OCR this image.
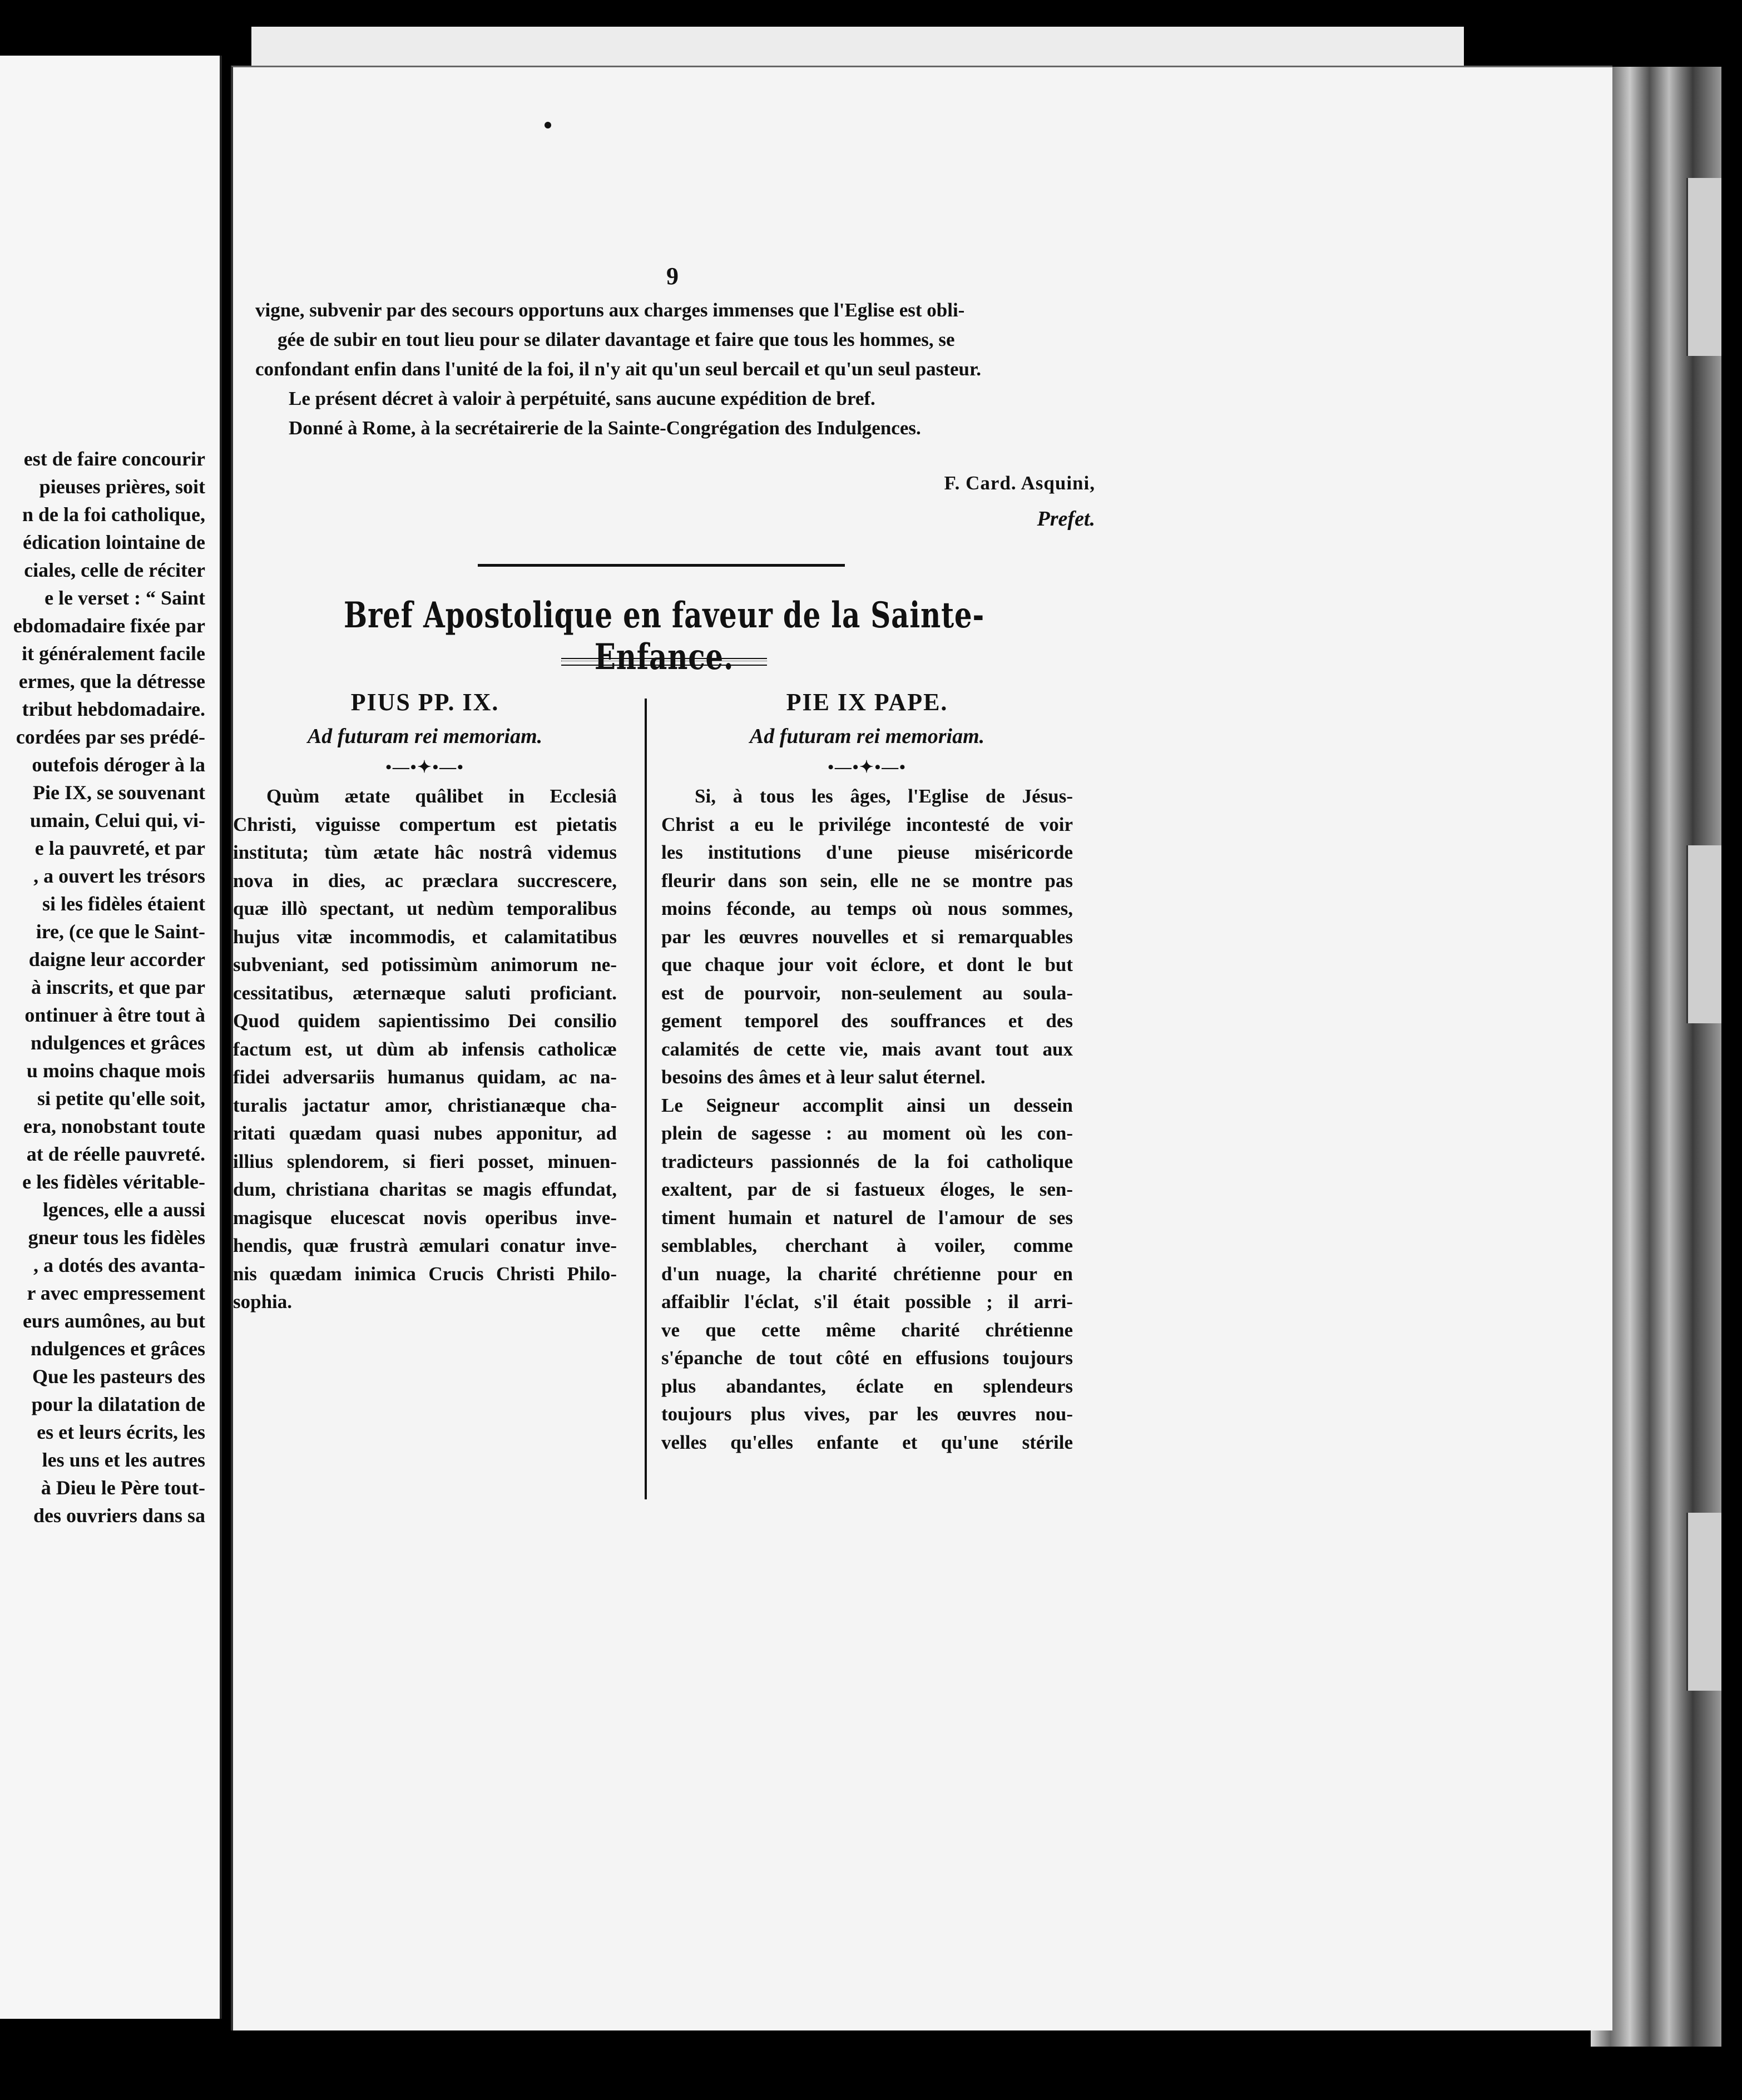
est de faire concourir
pieuses prières, soit
n de la foi catholique,
édication lointaine de
ciales, celle de réciter
e le verset : “ Saint
ebdomadaire fixée par
it généralement facile
ermes, que la détresse
tribut hebdomadaire.
cordées par ses prédé-
outefois déroger à la
Pie IX, se souvenant
umain, Celui qui, vi-
e la pauvreté, et par
, a ouvert les trésors
si les fidèles étaient
ire, (ce que le Saint-
daigne leur accorder
à inscrits, et que par
ontinuer à être tout à
ndulgences et grâces
u moins chaque mois
si petite qu'elle soit,
era, nonobstant toute
at de réelle pauvreté.
e les fidèles véritable-
lgences, elle a aussi
gneur tous les fidèles
, a dotés des avanta-
r avec empressement
eurs aumônes, au but
ndulgences et grâces
Que les pasteurs des
pour la dilatation de
es et leurs écrits, les
les uns et les autres
à Dieu le Père tout-
des ouvriers dans sa
9
vigne, subvenir par des secours opportuns aux charges immenses que l'Eglise est obli-
gée de subir en tout lieu pour se dilater davantage et faire que tous les hommes, se
confondant enfin dans l'unité de la foi, il n'y ait qu'un seul bercail et qu'un seul pasteur.
Le présent décret à valoir à perpétuité, sans aucune expédition de bref.
Donné à Rome, à la secrétairerie de la Sainte-Congrégation des Indulgences.
F. Card. Asquini,
Prefet.
Bref Apostolique en faveur de la Sainte-Enfance.
PIUS PP. IX.
Ad futuram rei memoriam.
•—•✦•—•
Quùm ætate quâlibet in Ecclesiâ
Christi, viguisse compertum est pietatis
instituta; tùm ætate hâc nostrâ videmus
nova in dies, ac præclara succrescere,
quæ illò spectant, ut nedùm temporalibus
hujus vitæ incommodis, et calamitatibus
subveniant, sed potissimùm animorum ne-
cessitatibus, æternæque saluti proficiant.
Quod quidem sapientissimo Dei consilio
factum est, ut dùm ab infensis catholicæ
fidei adversariis humanus quidam, ac na-
turalis jactatur amor, christianæque cha-
ritati quædam quasi nubes apponitur, ad
illius splendorem, si fieri posset, minuen-
dum, christiana charitas se magis effundat,
magisque elucescat novis operibus inve-
hendis, quæ frustrà æmulari conatur inve-
nis quædam inimica Crucis Christi Philo-
sophia.
PIE IX PAPE.
Ad futuram rei memoriam.
•—•✦•—•
Si, à tous les âges, l'Eglise de Jésus-
Christ a eu le privilége incontesté de voir
les institutions d'une pieuse miséricorde
fleurir dans son sein, elle ne se montre pas
moins féconde, au temps où nous sommes,
par les œuvres nouvelles et si remarquables
que chaque jour voit éclore, et dont le but
est de pourvoir, non-seulement au soula-
gement temporel des souffrances et des
calamités de cette vie, mais avant tout aux
besoins des âmes et à leur salut éternel.
Le Seigneur accomplit ainsi un dessein
plein de sagesse : au moment où les con-
tradicteurs passionnés de la foi catholique
exaltent, par de si fastueux éloges, le sen-
timent humain et naturel de l'amour de ses
semblables, cherchant à voiler, comme
d'un nuage, la charité chrétienne pour en
affaiblir l'éclat, s'il était possible ; il arri-
ve que cette même charité chrétienne
s'épanche de tout côté en effusions toujours
plus abandantes, éclate en splendeurs
toujours plus vives, par les œuvres nou-
velles qu'elles enfante et qu'une stérile
